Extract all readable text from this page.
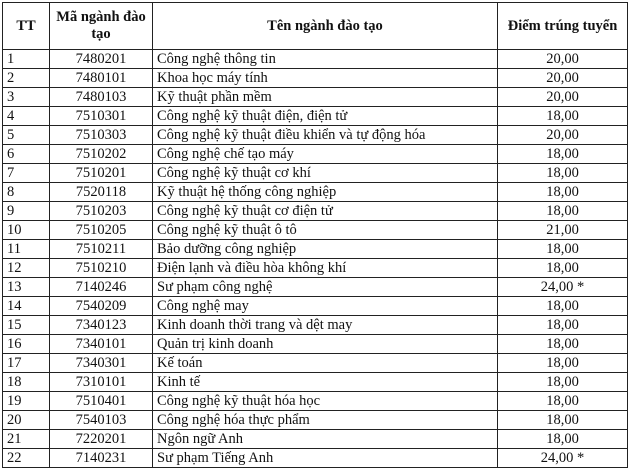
TT	Mã ngành đào tạo	Tên ngành đào tạo	Điểm trúng tuyển
1	7480201	Công nghệ thông tin	20,00
2	7480101	Khoa học máy tính	20,00
3	7480103	Kỹ thuật phần mềm	20,00
4	7510301	Công nghệ kỹ thuật điện, điện tử	18,00
5	7510303	Công nghệ kỹ thuật điều khiển và tự động hóa	20,00
6	7510202	Công nghệ chế tạo máy	18,00
7	7510201	Công nghệ kỹ thuật cơ khí	18,00
8	7520118	Kỹ thuật hệ thống công nghiệp	18,00
9	7510203	Công nghệ kỹ thuật cơ điện tử	18,00
10	7510205	Công nghệ kỹ thuật ô tô	21,00
11	7510211	Bảo dưỡng công nghiệp	18,00
12	7510210	Điện lạnh và điều hòa không khí	18,00
13	7140246	Sư phạm công nghệ	24,00 *
14	7540209	Công nghệ may	18,00
15	7340123	Kinh doanh thời trang và dệt may	18,00
16	7340101	Quản trị kinh doanh	18,00
17	7340301	Kế toán	18,00
18	7310101	Kinh tế	18,00
19	7510401	Công nghệ kỹ thuật hóa học	18,00
20	7540103	Công nghệ hóa thực phẩm	18,00
21	7220201	Ngôn ngữ Anh	18,00
22	7140231	Sư phạm Tiếng Anh	24,00 *
